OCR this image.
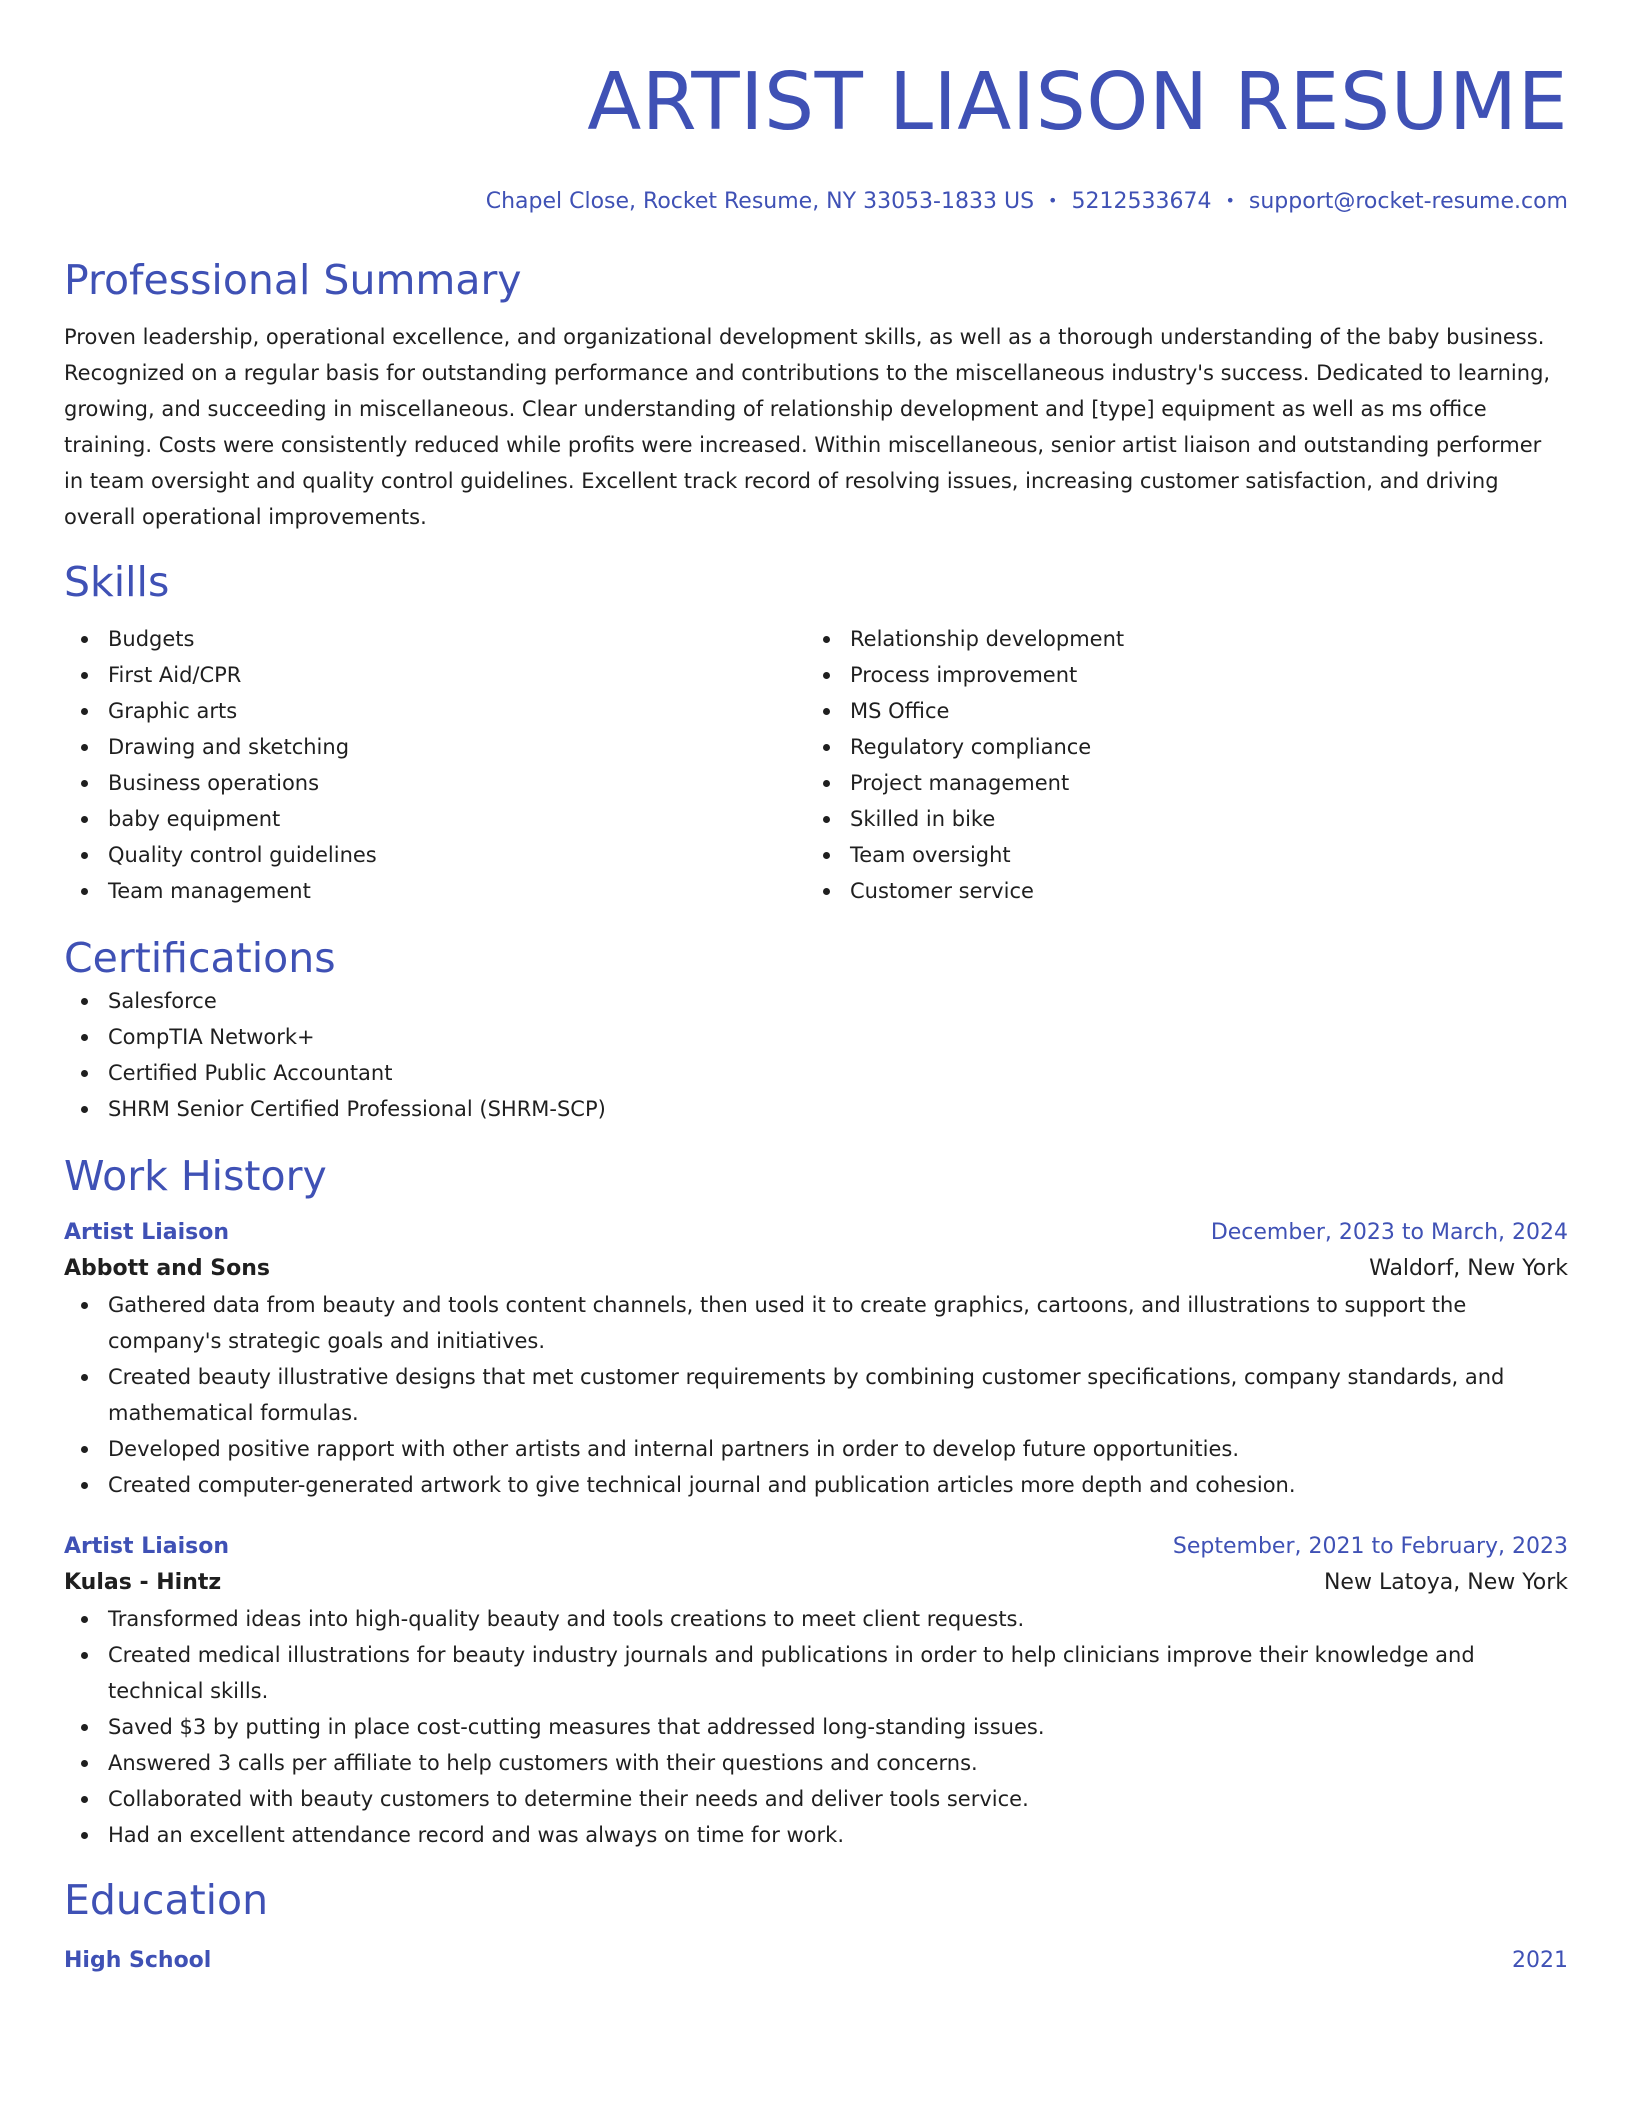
ARTIST LIAISON RESUME
Chapel Close, Rocket Resume, NY 33053-1833 US • 5212533674 • support@rocket-resume.com
Professional Summary

Proven leadership, operational excellence, and organizational development skills, as well as a thorough understanding of the baby business. Recognized on a regular basis for outstanding performance and contributions to the miscellaneous industry's success. Dedicated to learning, growing, and succeeding in miscellaneous. Clear understanding of relationship development and [type] equipment as well as ms office training. Costs were consistently reduced while profits were increased. Within miscellaneous, senior artist liaison and outstanding performer in team oversight and quality control guidelines. Excellent track record of resolving issues, increasing customer satisfaction, and driving overall operational improvements.

Skills
Budgets
First Aid/CPR
Graphic arts
Drawing and sketching
Business operations
baby equipment
Quality control guidelines
Team management
Relationship development
Process improvement
MS Office
Regulatory compliance
Project management
Skilled in bike
Team oversight
Customer service
Certifications
Salesforce
CompTIA Network+
Certified Public Accountant
SHRM Senior Certified Professional (SHRM-SCP)
Work History
Artist Liaison	December, 2023 to March, 2024
Abbott and Sons	Waldorf, New York
Gathered data from beauty and tools content channels, then used it to create graphics, cartoons, and illustrations to support the company's strategic goals and initiatives.
Created beauty illustrative designs that met customer requirements by combining customer specifications, company standards, and mathematical formulas.
Developed positive rapport with other artists and internal partners in order to develop future opportunities.
Created computer-generated artwork to give technical journal and publication articles more depth and cohesion.
Artist Liaison	September, 2021 to February, 2023
Kulas - Hintz	New Latoya, New York
Transformed ideas into high-quality beauty and tools creations to meet client requests.
Created medical illustrations for beauty industry journals and publications in order to help clinicians improve their knowledge and technical skills.
Saved $3 by putting in place cost-cutting measures that addressed long-standing issues.
Answered 3 calls per affiliate to help customers with their questions and concerns.
Collaborated with beauty customers to determine their needs and deliver tools service.
Had an excellent attendance record and was always on time for work.
Education
High School	2021
